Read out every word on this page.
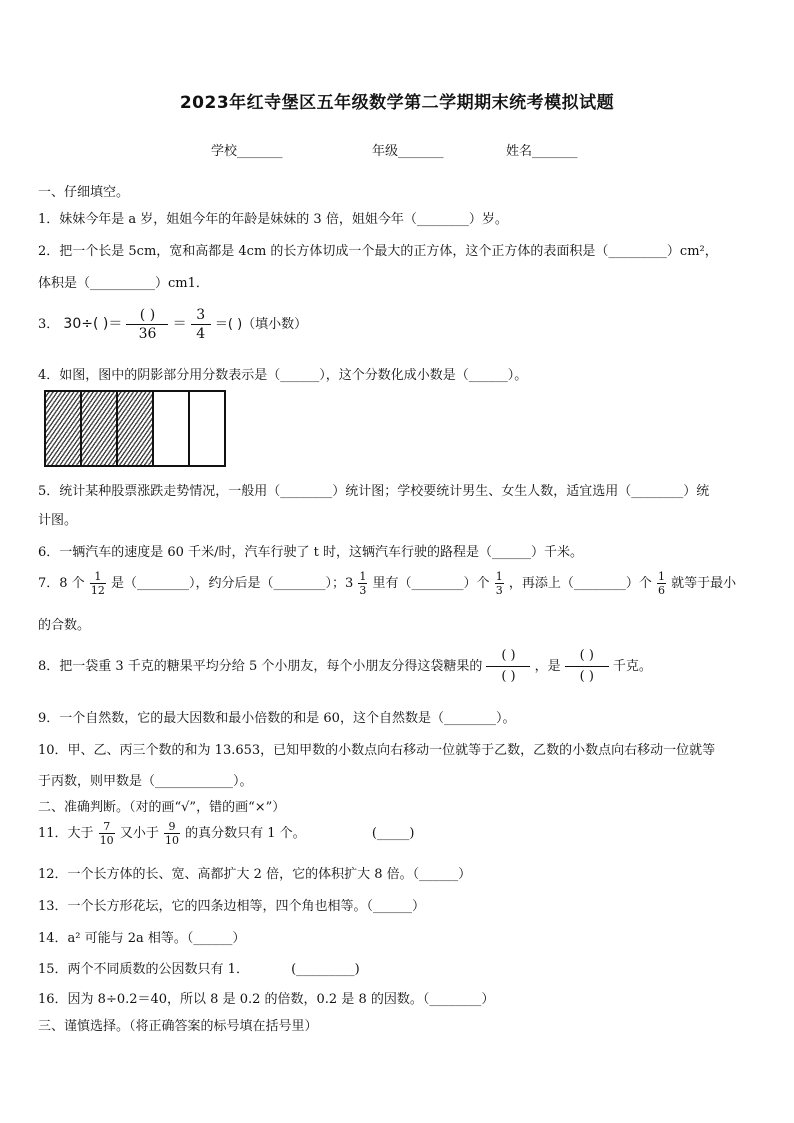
2023年红寺堡区五年级数学第二学期期末统考模拟试题
学校_______	年级_______	姓名_______
一、仔细填空。
1．妹妹今年是 a 岁，姐姐今年的年龄是妹妹的 3 倍，姐姐今年（________）岁。
2．把一个长是 5cm，宽和高都是 4cm 的长方体切成一个最大的正方体，这个正方体的表面积是（_________）cm²，
体积是（__________）cm1．
3． 30÷( )＝ $\frac{( )}{36} = \frac{3}{4}$ ＝( )（填小数）
4．如图，图中的阴影部分用分数表示是（______），这个分数化成小数是（______）。
5．统计某种股票涨跌走势情况，一般用（________）统计图；学校要统计男生、女生人数，适宜选用（________）统
计图。
6．一辆汽车的速度是 60 千米/时，汽车行驶了 t 时，这辆汽车行驶的路程是（______）千米。
7．8 个 $\frac{1}{12}$ 是（________），约分后是（________）；$3 \frac{1}{3}$ 里有（________）个 $\frac{1}{3}$ ，再添上（________）个 $\frac{1}{6}$ 就等于最小
的合数。
8．把一袋重 3 千克的糖果平均分给 5 个小朋友，每个小朋友分得这袋糖果的 $\frac{( )}{( )}$ ，是 $\frac{( )}{( )}$ 千克。
9．一个自然数，它的最大因数和最小倍数的和是 60，这个自然数是（________）。
10．甲、乙、丙三个数的和为 13.653，已知甲数的小数点向右移动一位就等于乙数，乙数的小数点向右移动一位就等
于丙数，则甲数是（____________）。
二、准确判断。（对的画“√”，错的画“×”）
11．大于 $\frac{7}{10}$ 又小于 $\frac{9}{10}$ 的真分数只有 1 个。	(_____)
12．一个长方体的长、宽、高都扩大 2 倍，它的体积扩大 8 倍。（______）
13．一个长方形花坛，它的四条边相等，四个角也相等。（______）
14．a² 可能与 2a 相等。（______）
15．两个不同质数的公因数只有 1．	(_________)
16．因为 8÷0.2＝40，所以 8 是 0.2 的倍数，0.2 是 8 的因数。（________）
三、谨慎选择。（将正确答案的标号填在括号里）
